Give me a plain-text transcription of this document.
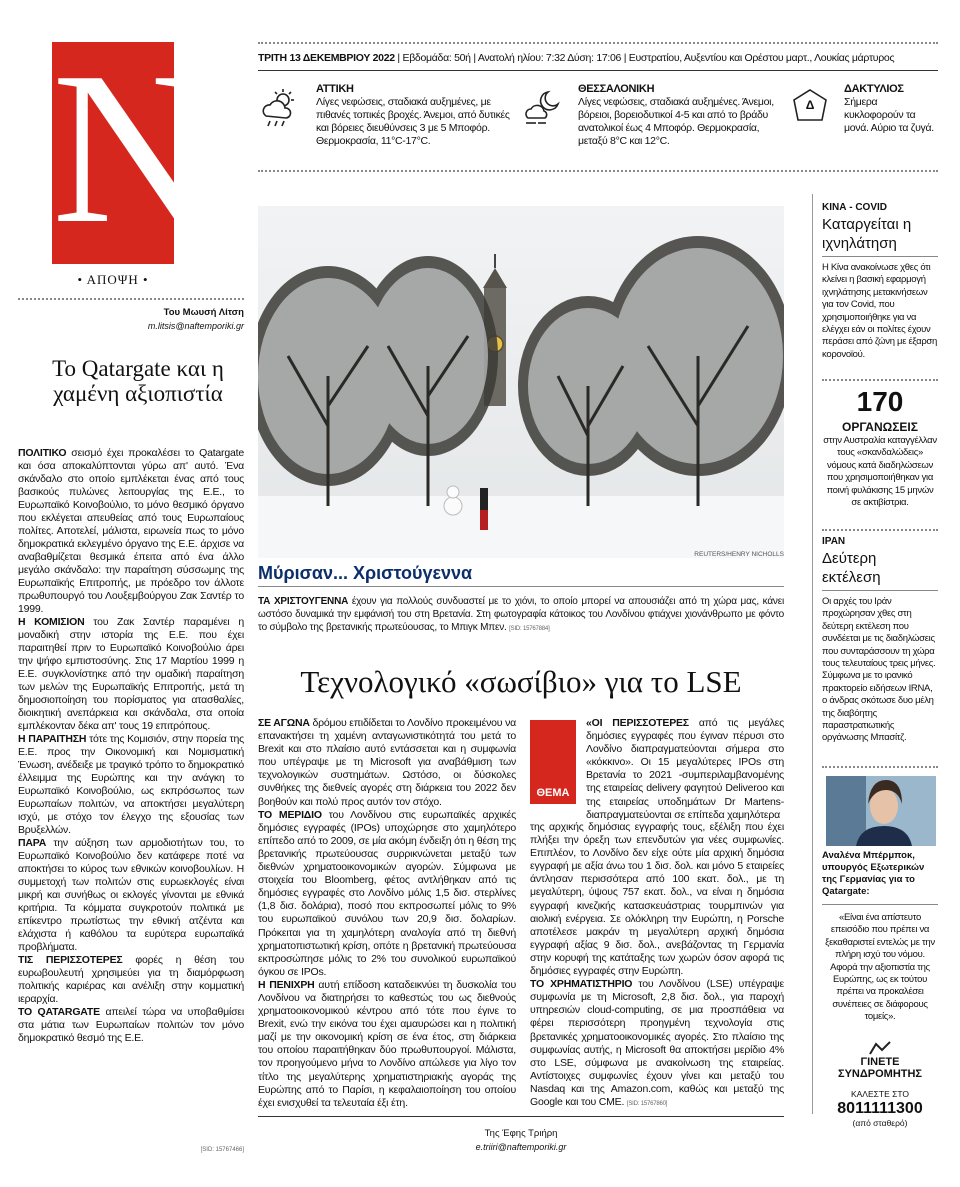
N
• ΑΠΟΨΗ •
Του Μωυσή Λίτση
m.litsis@naftemporiki.gr
Το Qatargate και η χαμένη αξιοπιστία

ΠΟΛΙΤΙΚΟ σεισμό έχει προκαλέσει το Qatargate και όσα αποκαλύπτονται γύρω απ' αυτό. Ένα σκάνδαλο στο οποίο εμπλέκεται ένας από τους βασικούς πυλώνες λειτουργίας της Ε.Ε., το Ευρωπαϊκό Κοινοβούλιο, το μόνο θεσμικό όργανο που εκλέγεται απευθείας από τους Ευρωπαίους πολίτες. Αποτελεί, μάλιστα, ειρωνεία πως το μόνο δημοκρατικά εκλεγμένο όργανο της Ε.Ε. άρχισε να αναβαθμίζεται θεσμικά έπειτα από ένα άλλο μεγάλο σκάνδαλο: την παραίτηση σύσσωμης της Ευρωπαϊκής Επιτροπής, με πρόεδρο τον άλλοτε πρωθυπουργό του Λουξεμβούργου Ζακ Σαντέρ το 1999.

Η ΚΟΜΙΣΙΟΝ του Ζακ Σαντέρ παραμένει η μοναδική στην ιστορία της Ε.Ε. που έχει παραιτηθεί πριν το Ευρωπαϊκό Κοινοβούλιο άρει την ψήφο εμπιστοσύνης. Στις 17 Μαρτίου 1999 η Ε.Ε. συγκλονίστηκε από την ομαδική παραίτηση των μελών της Ευρωπαϊκής Επιτροπής, μετά τη δημοσιοποίηση του πορίσματος για ατασθαλίες, διοικητική ανεπάρκεια και σκάνδαλα, στα οποία εμπλέκονταν δέκα απ' τους 19 επιτρόπους.

Η ΠΑΡΑΙΤΗΣΗ τότε της Κομισιόν, στην πορεία της Ε.Ε. προς την Οικονομική και Νομισματική Ένωση, ανέδειξε με τραγικό τρόπο το δημοκρατικό έλλειμμα της Ευρώπης και την ανάγκη το Ευρωπαϊκό Κοινοβούλιο, ως εκπρόσωπος των Ευρωπαίων πολιτών, να αποκτήσει μεγαλύτερη ισχύ, με στόχο τον έλεγχο της εξουσίας των Βρυξελλών.

ΠΑΡΑ την αύξηση των αρμοδιοτήτων του, το Ευρωπαϊκό Κοινοβούλιο δεν κατάφερε ποτέ να αποκτήσει το κύρος των εθνικών κοινοβουλίων. Η συμμετοχή των πολιτών στις ευρωεκλογές είναι μικρή και συνήθως οι εκλογές γίνονται με εθνικά κριτήρια. Τα κόμματα συγκροτούν πολιτικά με επίκεντρο πρωτίστως την εθνική ατζέντα και ελάχιστα ή καθόλου τα ευρύτερα ευρωπαϊκά προβλήματα.

ΤΙΣ ΠΕΡΙΣΣΟΤΕΡΕΣ φορές η θέση του ευρωβουλευτή χρησιμεύει για τη διαμόρφωση πολιτικής καριέρας και ανέλιξη στην κομματική ιεραρχία.

ΤΟ QATARGATE απειλεί τώρα να υποβαθμίσει στα μάτια των Ευρωπαίων πολιτών τον μόνο δημοκρατικό θεσμό της Ε.Ε.

[SID: 15767466]
ΤΡΙΤΗ 13 ΔΕΚΕΜΒΡΙΟΥ 2022 | Εβδομάδα: 50ή | Ανατολή ηλίου: 7:32 Δύση: 17:06 | Ευστρατίου, Αυξεντίου και Ορέστου μαρτ., Λουκίας μάρτυρος
ΑΤΤΙΚΗ
Λίγες νεφώσεις, σταδιακά αυξημένες, με πιθανές τοπικές βροχές. Άνεμοι, από δυτικές και βόρειες διευθύνσεις 3 με 5 Μποφόρ. Θερμοκρασία, 11°C-17°C.
ΘΕΣΣΑΛΟΝΙΚΗ
Λίγες νεφώσεις, σταδιακά αυξημένες. Άνεμοι, βόρειοι, βορειοδυτικοί 4-5 και από το βράδυ ανατολικοί έως 4 Μποφόρ. Θερμοκρασία, μεταξύ 8°C και 12°C.
Δ
ΔΑΚΤΥΛΙΟΣ
Σήμερα κυκλοφορούν τα μονά. Αύριο τα ζυγά.
REUTERS/HENRY NICHOLLS
Μύρισαν... Χριστούγεννα

ΤΑ ΧΡΙΣΤΟΥΓΕΝΝΑ έχουν για πολλούς συνδυαστεί με το χιόνι, το οποίο μπορεί να απουσιάζει από τη χώρα μας, κάνει ωστόσο δυναμικά την εμφάνισή του στη Βρετανία. Στη φωτογραφία κάτοικος του Λονδίνου φτιάχνει χιονάνθρωπο με φόντο το σύμβολο της βρετανικής πρωτεύουσας, το Μπιγκ Μπεν. [SID: 15767884]

Τεχνολογικό «σωσίβιο» για το LSE

ΣΕ ΑΓΩΝΑ δρόμου επιδίδεται το Λονδίνο προκειμένου να επανακτήσει τη χαμένη ανταγωνιστικότητά του μετά το Brexit και στο πλαίσιο αυτό εντάσσεται και η συμφωνία που υπέγραψε με τη Microsoft για αναβάθμιση των τεχνολογικών συστημάτων. Ωστόσο, οι δύσκολες συνθήκες της διεθνείς αγορές στη διάρκεια του 2022 δεν βοηθούν και πολύ προς αυτόν τον στόχο.

ΤΟ ΜΕΡΙΔΙΟ του Λονδίνου στις ευρωπαϊκές αρχικές δημόσιες εγγραφές (IPOs) υποχώρησε στο χαμηλότερο επίπεδο από το 2009, σε μία ακόμη ένδειξη ότι η θέση της βρετανικής πρωτεύουσας συρρικνώνεται μεταξύ των διεθνών χρηματοοικονομικών αγορών. Σύμφωνα με στοιχεία του Bloomberg, φέτος αντλήθηκαν από τις δημόσιες εγγραφές στο Λονδίνο μόλις 1,5 δισ. στερλίνες (1,8 δισ. δολάρια), ποσό που εκπροσωπεί μόλις το 9% του ευρωπαϊκού συνόλου των 20,9 δισ. δολαρίων. Πρόκειται για τη χαμηλότερη αναλογία από τη διεθνή χρηματοπιστωτική κρίση, οπότε η βρετανική πρωτεύουσα εκπροσώπησε μόλις το 2% του συνολικού ευρωπαϊκού όγκου σε IPOs.

Η ΠΕΝΙΧΡΗ αυτή επίδοση καταδεικνύει τη δυσκολία του Λονδίνου να διατηρήσει το καθεστώς του ως διεθνούς χρηματοοικονομικού κέντρου από τότε που έγινε το Brexit, ενώ την εικόνα του έχει αμαυρώσει και η πολιτική μαζί με την οικονομική κρίση σε ένα έτος, στη διάρκεια του οποίου παραιτήθηκαν δύο πρωθυπουργοί. Μάλιστα, τον προηγούμενο μήνα το Λονδίνο απώλεσε για λίγο τον τίτλο της μεγαλύτερης χρηματιστηριακής αγοράς της Ευρώπης από το Παρίσι, η κεφαλαιοποίηση του οποίου έχει ενισχυθεί τα τελευταία έξι έτη.

ΘΕΜΑ

«ΟΙ ΠΕΡΙΣΣΟΤΕΡΕΣ από τις μεγάλες δημόσιες εγγραφές που έγιναν πέρυσι στο Λονδίνο διαπραγματεύονται σήμερα στο «κόκκινο». Οι 15 μεγαλύτερες IPOs στη Βρετανία το 2021 -συμπεριλαμβανομένης της εταιρείας delivery φαγητού Deliveroo και της εταιρείας υποδημάτων Dr Martens- διαπραγματεύονται σε επίπεδα χαμηλότερα

της αρχικής δημόσιας εγγραφής τους, εξέλιξη που έχει πλήξει την όρεξη των επενδυτών για νέες συμφωνίες. Επιπλέον, το Λονδίνο δεν είχε ούτε μία αρχική δημόσια εγγραφή με αξία άνω του 1 δισ. δολ. και μόνο 5 εταιρείες άντλησαν περισσότερα από 100 εκατ. δολ., με τη μεγαλύτερη, ύψους 757 εκατ. δολ., να είναι η δημόσια εγγραφή κινεζικής κατασκευάστριας τουρμπινών για αιολική ενέργεια. Σε ολόκληρη την Ευρώπη, η Porsche αποτέλεσε μακράν τη μεγαλύτερη αρχική δημόσια εγγραφή αξίας 9 δισ. δολ., ανεβάζοντας τη Γερμανία στην κορυφή της κατάταξης των χωρών όσον αφορά τις δημόσιες εγγραφές στην Ευρώπη.

ΤΟ ΧΡΗΜΑΤΙΣΤΗΡΙΟ του Λονδίνου (LSE) υπέγραψε συμφωνία με τη Microsoft, 2,8 δισ. δολ., για παροχή υπηρεσιών cloud-computing, σε μια προσπάθεια να φέρει περισσότερη προηγμένη τεχνολογία στις βρετανικές χρηματοοικονομικές αγορές. Στο πλαίσιο της συμφωνίας αυτής, η Microsoft θα αποκτήσει μερίδιο 4% στο LSE, σύμφωνα με ανακοίνωση της εταιρείας. Αντίστοιχες συμφωνίες έχουν γίνει και μεταξύ του Nasdaq και της Amazon.com, καθώς και μεταξύ της Google και του CME. [SID: 15767860]

Της Έφης Τριήρη
e.triiri@naftemporiki.gr
ΚΙΝΑ - COVID
Καταργείται η ιχνηλάτηση
Η Κίνα ανακοίνωσε χθες ότι κλείνει η βασική εφαρμογή ιχνηλάτησης μετακινήσεων για τον Covid, που χρησιμοποιήθηκε για να ελέγχει εάν οι πολίτες έχουν περάσει από ζώνη με έξαρση κορονοϊού.
170
ΟΡΓΑΝΩΣΕΙΣ
στην Αυστραλία καταγγέλλαν τους «σκανδαλώδεις» νόμους κατά διαδηλώσεων που χρησιμοποιήθηκαν για ποινή φυλάκισης 15 μηνών σε ακτιβίστρια.
ΙΡΑΝ
Δεύτερη εκτέλεση
Οι αρχές του Ιράν προχώρησαν χθες στη δεύτερη εκτέλεση που συνδέεται με τις διαδηλώσεις που συνταράσσουν τη χώρα τους τελευταίους τρεις μήνες. Σύμφωνα με το ιρανικό πρακτορείο ειδήσεων IRNA, ο άνδρας σκότωσε δυο μέλη της διαβόητης παραστρατιωτικής οργάνωσης Μπασίτζ.
Αναλένα Μπέρμποκ, υπουργός Εξωτερικών της Γερμανίας για το Qatargate:
«Είναι ένα απίστευτο επεισόδιο που πρέπει να ξεκαθαριστεί εντελώς με την πλήρη ισχύ του νόμου. Αφορά την αξιοπιστία της Ευρώπης, ως εκ τούτου πρέπει να προκαλέσει συνέπειες σε διάφορους τομείς».
ΓΙΝΕΤΕ
ΣΥΝΔΡΟΜΗΤΗΣ
ΚΑΛΕΣΤΕ ΣΤΟ
8011111300
(από σταθερό)
